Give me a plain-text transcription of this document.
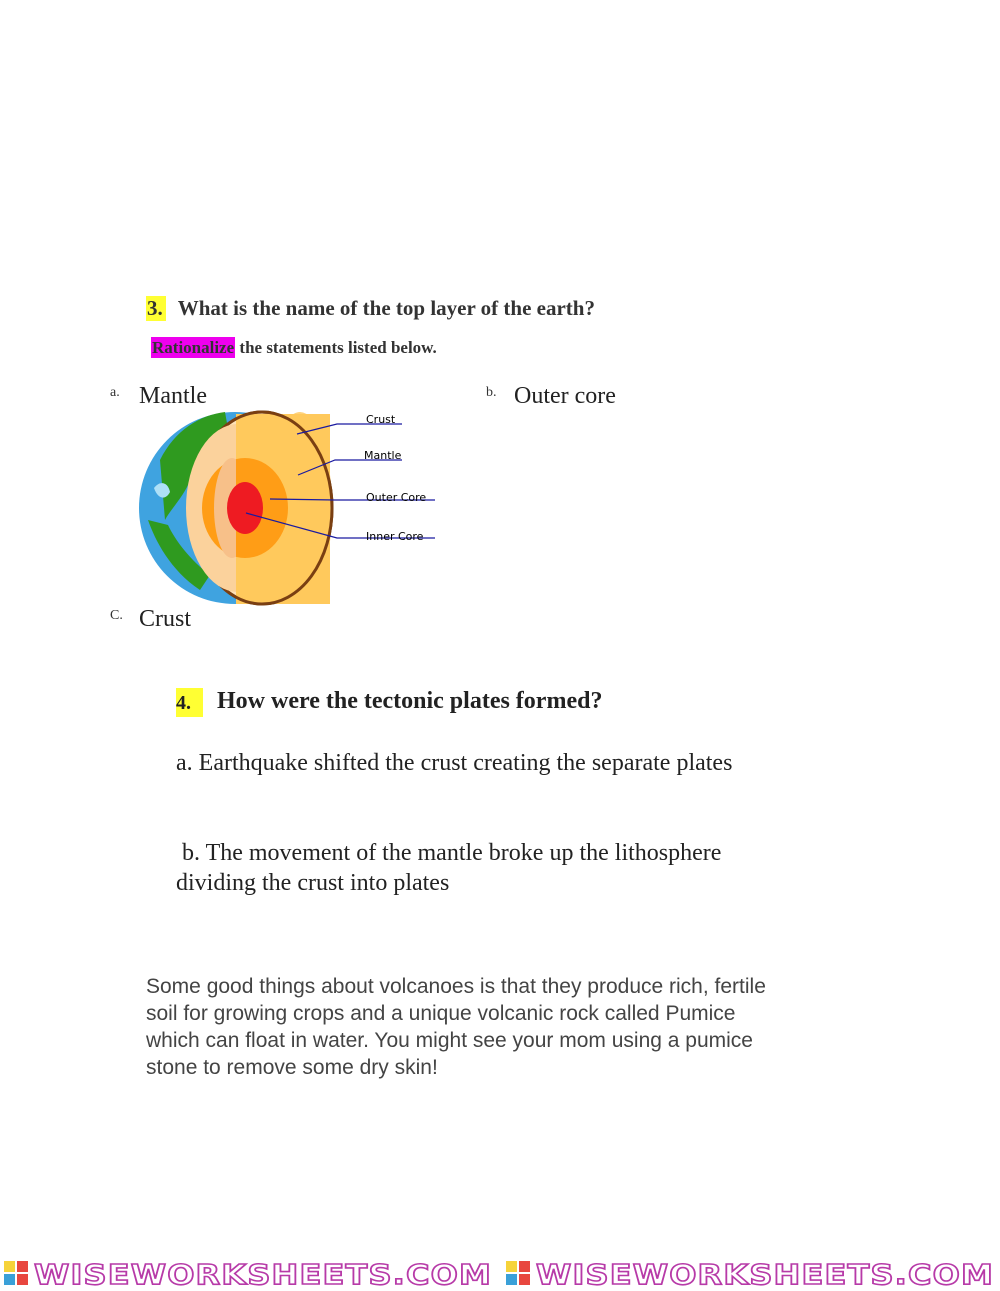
3. What is the name of the top layer of the earth?
Rationalize the statements listed below.
a. Mantle	b. Outer core
C. Crust
Crust
Mantle
Outer Core
Inner Core
4. How were the tectonic plates formed?
a. Earthquake shifted the crust creating the separate plates
b. The movement of the mantle broke up the lithosphere
dividing the crust into plates
Some good things about volcanoes is that they produce rich, fertile
soil for growing crops and a unique volcanic rock called Pumice
which can float in water. You might see your mom using a pumice
stone to remove some dry skin!
WISEWORKSHEETS.COM WISEWORKSHEETS.COM
